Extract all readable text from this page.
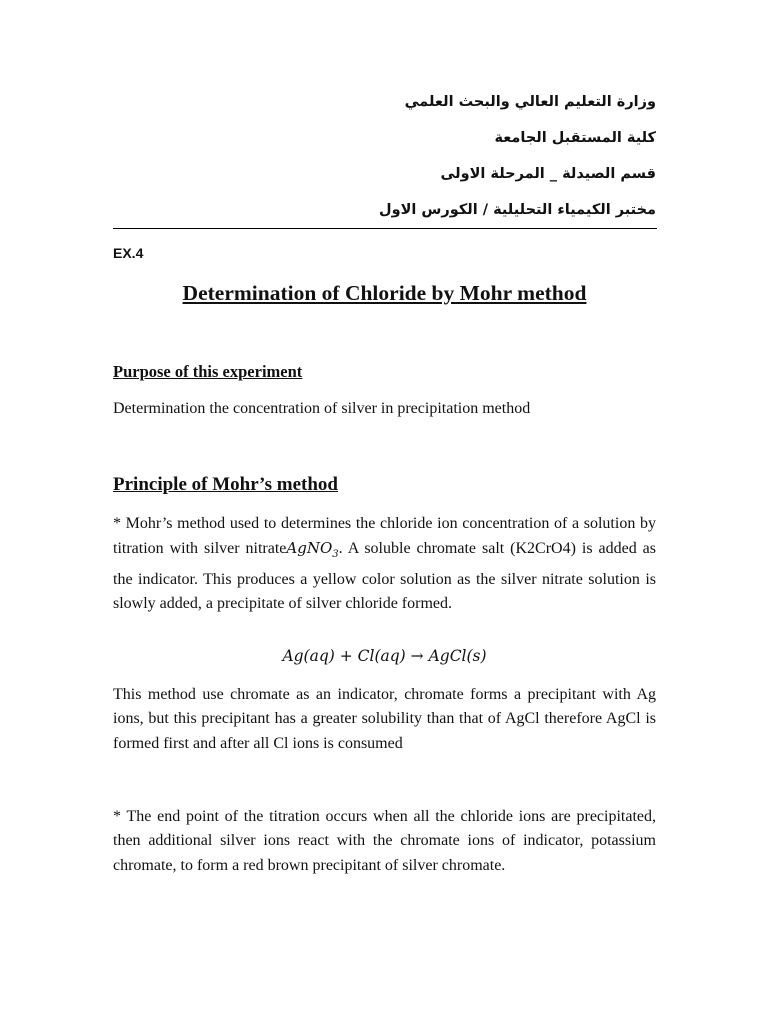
وزارة التعليم العالي والبحث العلمي
كلية المستقبل الجامعة
قسم الصيدلة _ المرحلة الاولى
مختبر الكيمياء التحليلية / الكورس الاول
EX.4
Determination of Chloride by Mohr method
Purpose of this experiment
Determination the concentration of silver in precipitation method
Principle of Mohr’s method
* Mohr’s method used to determines the chloride ion concentration of a solution by titration with silver nitrateAgNO$_3$. A soluble chromate salt (K2CrO4) is added as the indicator. This produces a yellow color solution as the silver nitrate solution is slowly added, a precipitate of silver chloride formed.
Ag(aq) + Cl(aq) → AgCl(s)
This method use chromate as an indicator, chromate forms a precipitant with Ag ions, but this precipitant has a greater solubility than that of AgCl therefore AgCl is formed first and after all Cl ions is consumed
* The end point of the titration occurs when all the chloride ions are precipitated, then additional silver ions react with the chromate ions of indicator, potassium chromate, to form a red brown precipitant of silver chromate.
